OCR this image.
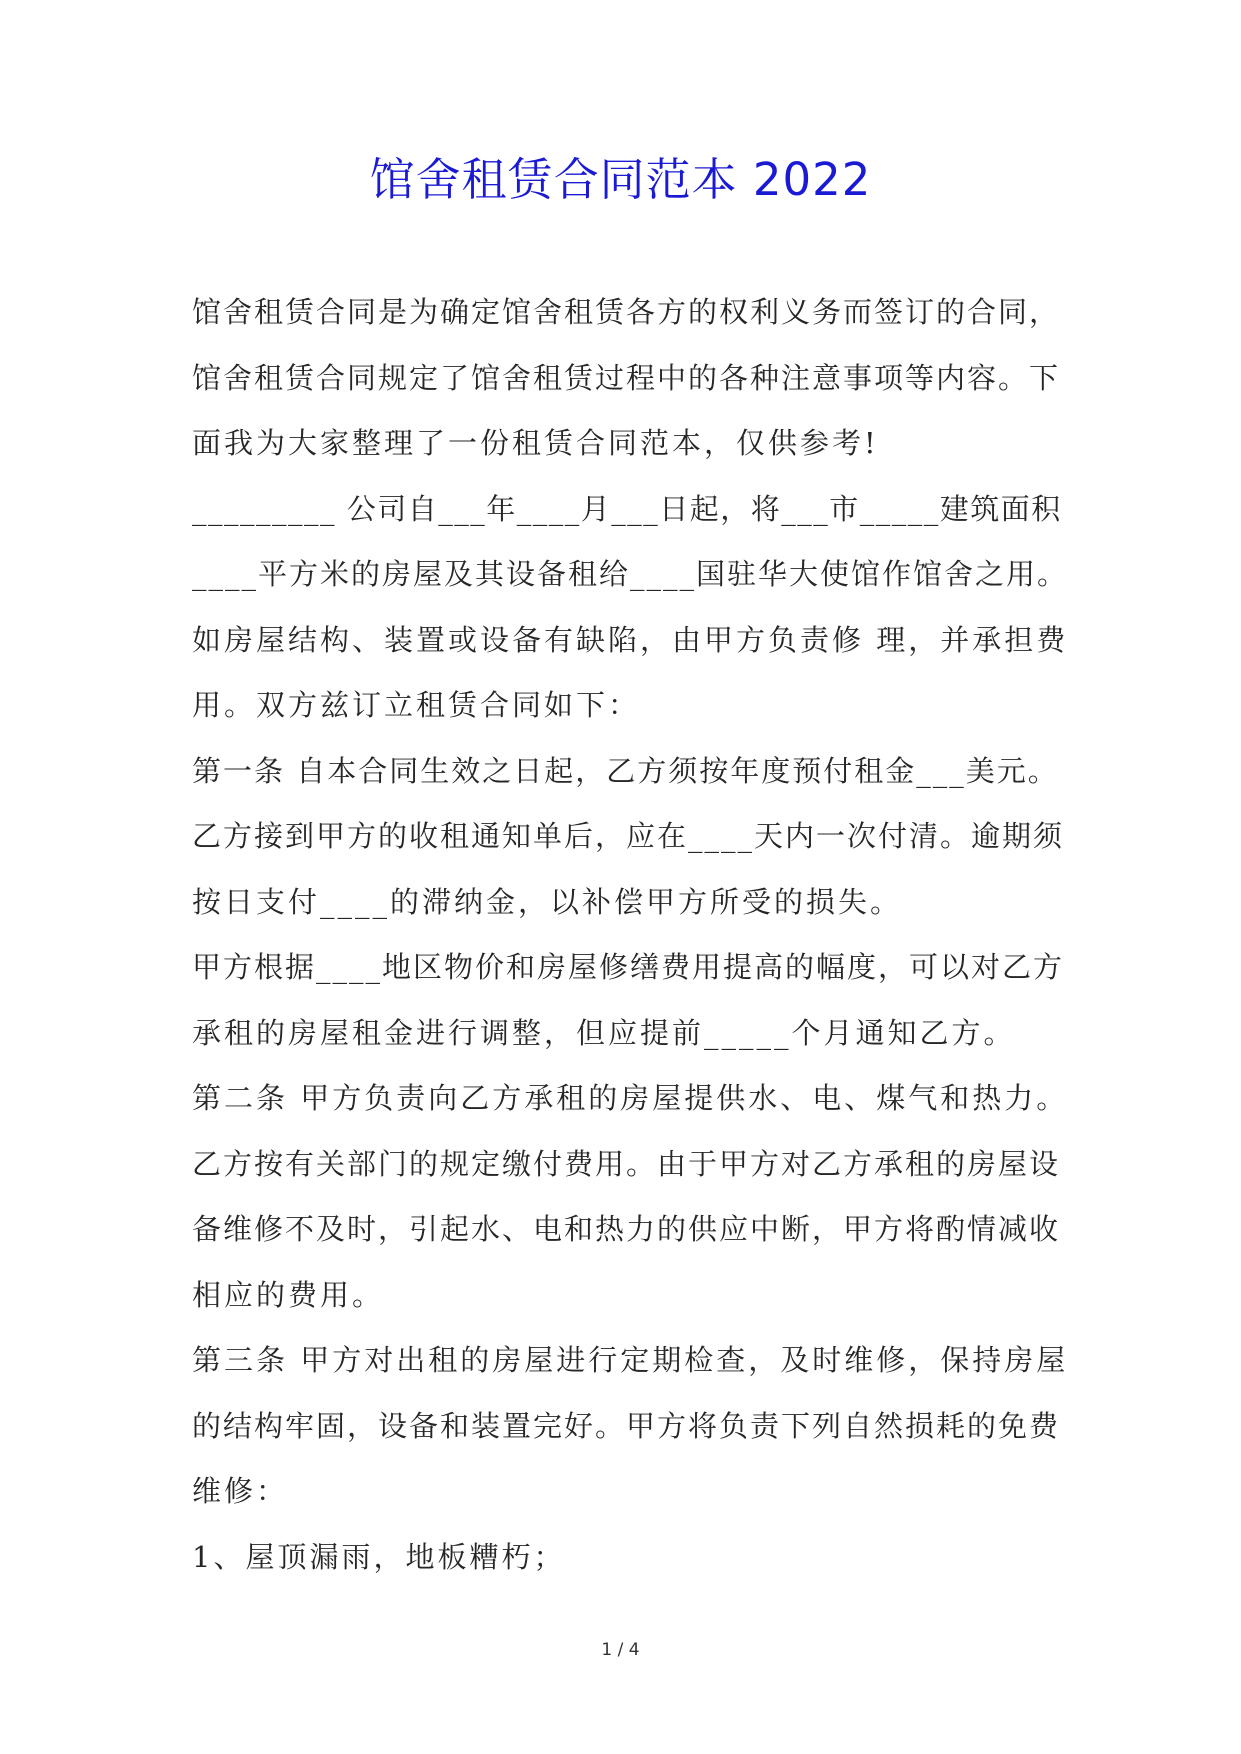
馆舍租赁合同范本 2022
馆舍租赁合同是为确定馆舍租赁各方的权利义务而签订的合同，
馆舍租赁合同规定了馆舍租赁过程中的各种注意事项等内容。下
面我为大家整理了一份租赁合同范本，仅供参考!
_________ 公司自___年____月___日起，将___市_____建筑面积
____平方米的房屋及其设备租给____国驻华大使馆作馆舍之用。
如房屋结构、装置或设备有缺陷，由甲方负责修 理，并承担费
用。双方兹订立租赁合同如下：
第一条 自本合同生效之日起，乙方须按年度预付租金___美元。
乙方接到甲方的收租通知单后，应在____天内一次付清。逾期须
按日支付____的滞纳金，以补偿甲方所受的损失。
甲方根据____地区物价和房屋修缮费用提高的幅度，可以对乙方
承租的房屋租金进行调整，但应提前_____个月通知乙方。
第二条 甲方负责向乙方承租的房屋提供水、电、煤气和热力。
乙方按有关部门的规定缴付费用。由于甲方对乙方承租的房屋设
备维修不及时，引起水、电和热力的供应中断，甲方将酌情减收
相应的费用。
第三条 甲方对出租的房屋进行定期检查，及时维修，保持房屋
的结构牢固，设备和装置完好。甲方将负责下列自然损耗的免费
维修：
1、屋顶漏雨，地板糟朽；
1 / 4
